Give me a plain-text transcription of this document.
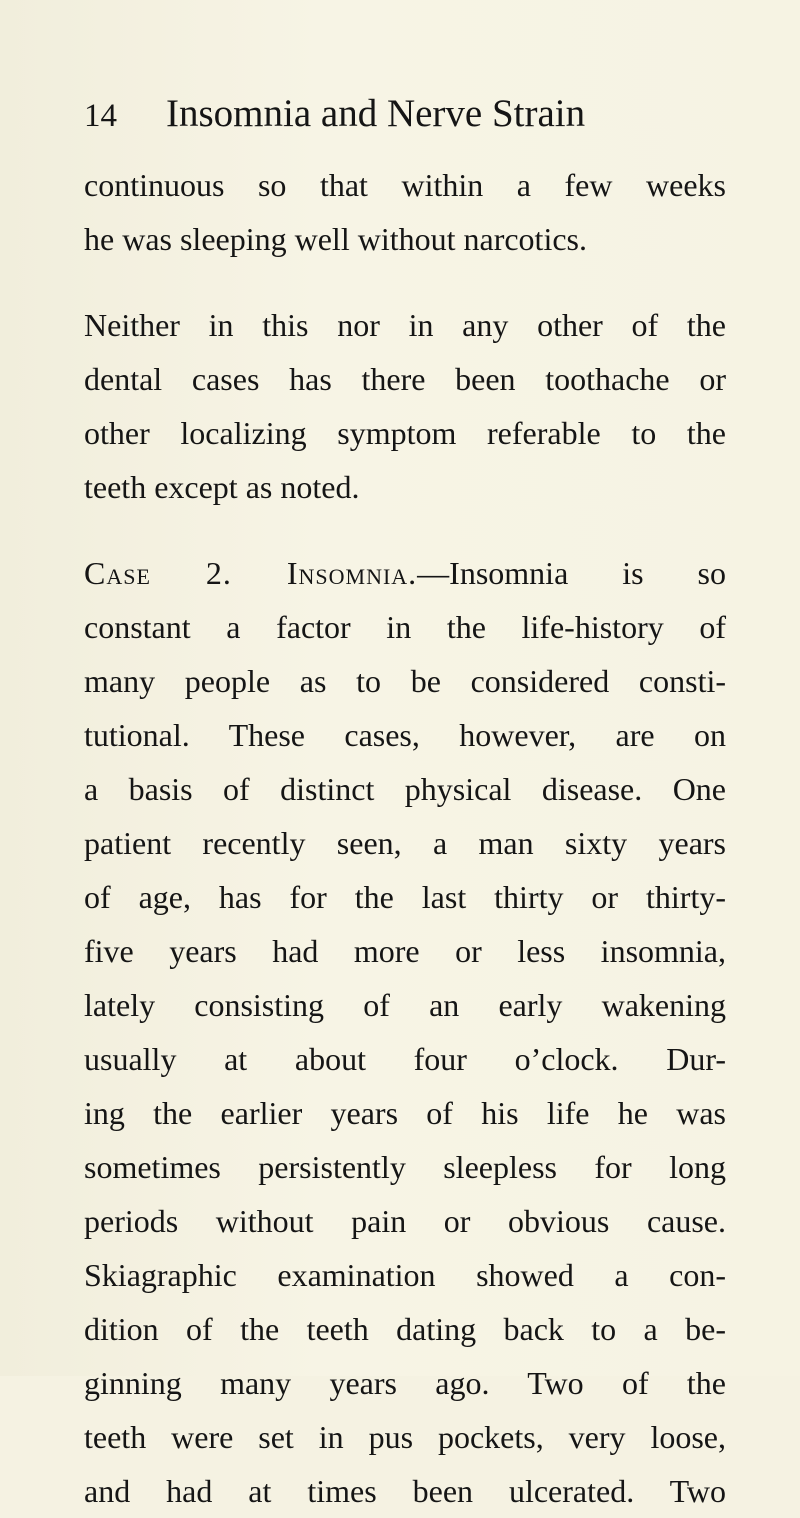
14 Insomnia and Nerve Strain
continuous so that within a few weeks
he was sleeping well without narcotics.
Neither in this nor in any other of the
dental cases has there been toothache or
other localizing symptom referable to the
teeth except as noted.
Case 2. Insomnia.—Insomnia is so
constant a factor in the life-history of
many people as to be considered consti-
tutional. These cases, however, are on
a basis of distinct physical disease. One
patient recently seen, a man sixty years
of age, has for the last thirty or thirty-
five years had more or less insomnia,
lately consisting of an early wakening
usually at about four o’clock. Dur-
ing the earlier years of his life he was
sometimes persistently sleepless for long
periods without pain or obvious cause.
Skiagraphic examination showed a con-
dition of the teeth dating back to a be-
ginning many years ago. Two of the
teeth were set in pus pockets, very loose,
and had at times been ulcerated. Two
